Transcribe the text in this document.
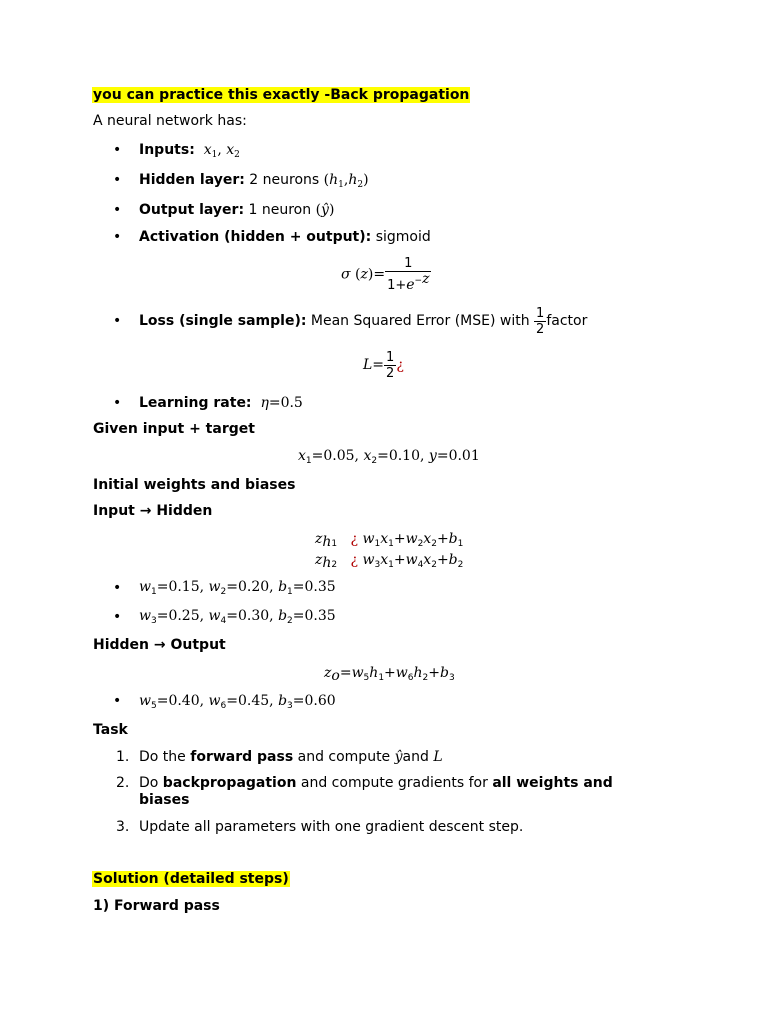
you can practice this exactly -Back propagation
A neural network has:
• Inputs:  $x_1$, $x_2$
• Hidden layer: 2 neurons $(h_1,h_2)$
• Output layer: 1 neuron (ŷ)
• Activation (hidden + output): sigmoid
σ $(z)= \frac{1}{1+e^{-z}}$
• Loss (single sample): Mean Squared Error (MSE) with $\frac{1}{2}$ factor
$L= \frac{1}{2}$ ¿
• Learning rate:  η=0.5
Given input + target
$x_1=0.05$, $x_2=0.10$, y=0.01
Initial weights and biases
Input → Hidden
$z_{h1}$ ¿ $w_1x_1+w_2x_2+b_1$
$z_{h2}$ ¿ $w_3x_1+w_4x_2+b_2$
• $w_1=0.15$, $w_2=0.20$, $b_1=0.35$
• $w_3=0.25$, $w_4=0.30$, $b_2=0.35$
Hidden → Output
$z_o=w_5h_1+w_6h_2+b_3$
• $w_5=0.40$, $w_6=0.45$, $b_3=0.60$
Task
1. Do the forward pass and compute ŷand L
2. Do backpropagation and compute gradients for all weights and
biases
3. Update all parameters with one gradient descent step.
Solution (detailed steps)
1) Forward pass
